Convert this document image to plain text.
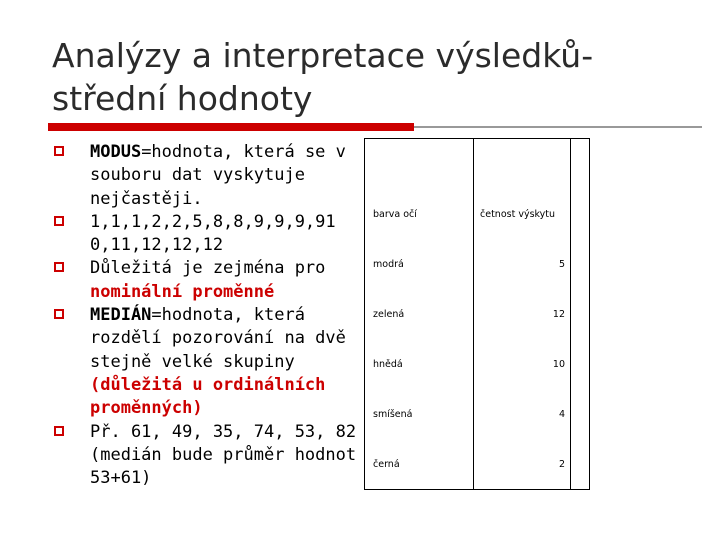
Analýzy a interpretace výsledků-
střední hodnoty
MODUS=hodnota, která se v souboru dat vyskytuje nejčastěji.
1,1,1,2,2,5,8,8,9,9,9,91 0,11,12,12,12
Důležitá je zejména pro nominální proměnné
MEDIÁN=hodnota, která rozdělí pozorování na dvě stejně velké skupiny (důležitá u ordinálních proměnných)
Př. 61, 49, 35, 74, 53, 82 (medián bude průměr hodnot 53+61)
barva očí	četnost výskytu
modrá	5
zelená	12
hnědá	10
smíšená	4
černá	2
